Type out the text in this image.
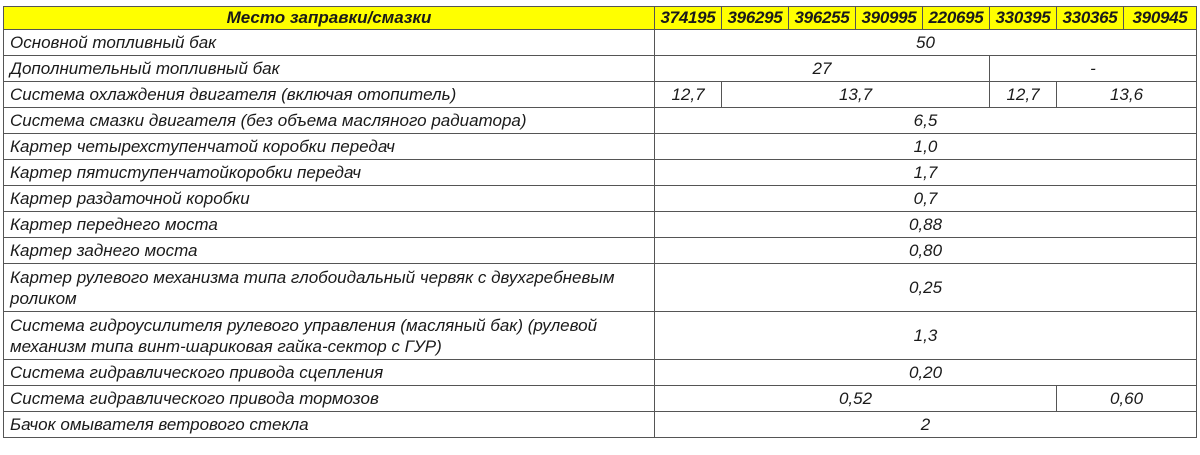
Место заправки/смазки	374195	396295	396255	390995	220695	330395	330365	390945
Основной топливный бак	50							
Дополнительный топливный бак	27					-		
Система охлаждения двигателя (включая отопитель)	12,7	13,7				12,7	13,6	
Система смазки двигателя (без объема масляного радиатора)	6,5							
Картер четырехступенчатой коробки передач	1,0							
Картер пятиступенчатойкоробки передач	1,7							
Картер раздаточной коробки	0,7							
Картер переднего моста	0,88							
Картер заднего моста	0,80							
Картер рулевого механизма типа глобоидальный червяк с двухгребневым роликом	0,25							
Система гидроусилителя рулевого управления (масляный бак) (рулевой механизм типа винт-шариковая гайка-сектор с ГУР)	1,3							
Система гидравлического привода сцепления	0,20							
Система гидравлического привода тормозов	0,52						0,60	
Бачок омывателя ветрового стекла	2							
